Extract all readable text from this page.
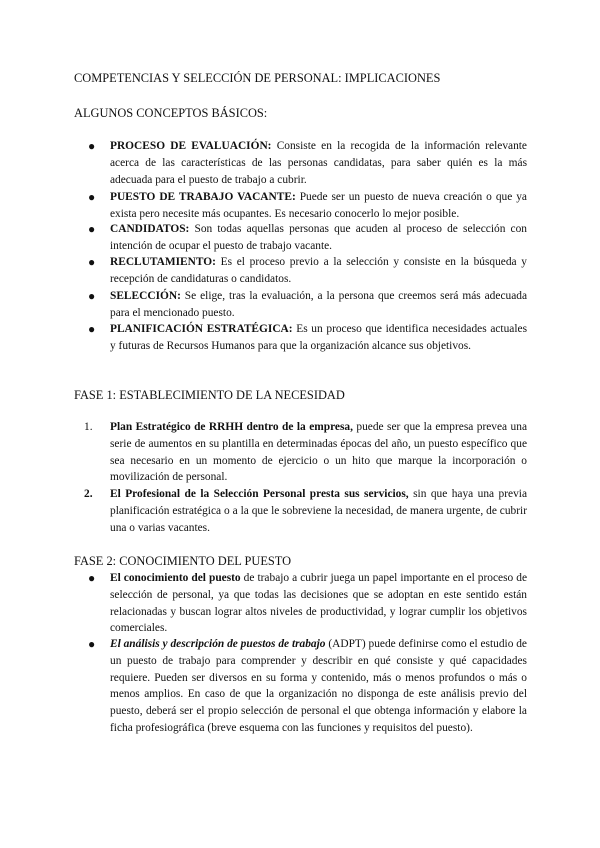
COMPETENCIAS Y SELECCIÓN DE PERSONAL: IMPLICACIONES
ALGUNOS CONCEPTOS BÁSICOS:
● PROCESO DE EVALUACIÓN: Consiste en la recogida de la información relevante acerca de las características de las personas candidatas, para saber quién es la más adecuada para el puesto de trabajo a cubrir.
● PUESTO DE TRABAJO VACANTE: Puede ser un puesto de nueva creación o que ya exista pero necesite más ocupantes. Es necesario conocerlo lo mejor posible.
● CANDIDATOS: Son todas aquellas personas que acuden al proceso de selección con intención de ocupar el puesto de trabajo vacante.
● RECLUTAMIENTO: Es el proceso previo a la selección y consiste en la búsqueda y recepción de candidaturas o candidatos.
● SELECCIÓN: Se elige, tras la evaluación, a la persona que creemos será más adecuada para el mencionado puesto.
● PLANIFICACIÓN ESTRATÉGICA: Es un proceso que identifica necesidades actuales y futuras de Recursos Humanos para que la organización alcance sus objetivos.
FASE 1: ESTABLECIMIENTO DE LA NECESIDAD
1. Plan Estratégico de RRHH dentro de la empresa, puede ser que la empresa prevea una serie de aumentos en su plantilla en determinadas épocas del año, un puesto específico que sea necesario en un momento de ejercicio o un hito que marque la incorporación o movilización de personal.
2. El Profesional de la Selección Personal presta sus servicios, sin que haya una previa planificación estratégica o a la que le sobreviene la necesidad, de manera urgente, de cubrir una o varias vacantes.
FASE 2: CONOCIMIENTO DEL PUESTO
● El conocimiento del puesto de trabajo a cubrir juega un papel importante en el proceso de selección de personal, ya que todas las decisiones que se adoptan en este sentido están relacionadas y buscan lograr altos niveles de productividad, y lograr cumplir los objetivos comerciales.
● El análisis y descripción de puestos de trabajo (ADPT) puede definirse como el estudio de un puesto de trabajo para comprender y describir en qué consiste y qué capacidades requiere. Pueden ser diversos en su forma y contenido, más o menos profundos o más o menos amplios. En caso de que la organización no disponga de este análisis previo del puesto, deberá ser el propio selección de personal el que obtenga información y elabore la ficha profesiográfica (breve esquema con las funciones y requisitos del puesto).
